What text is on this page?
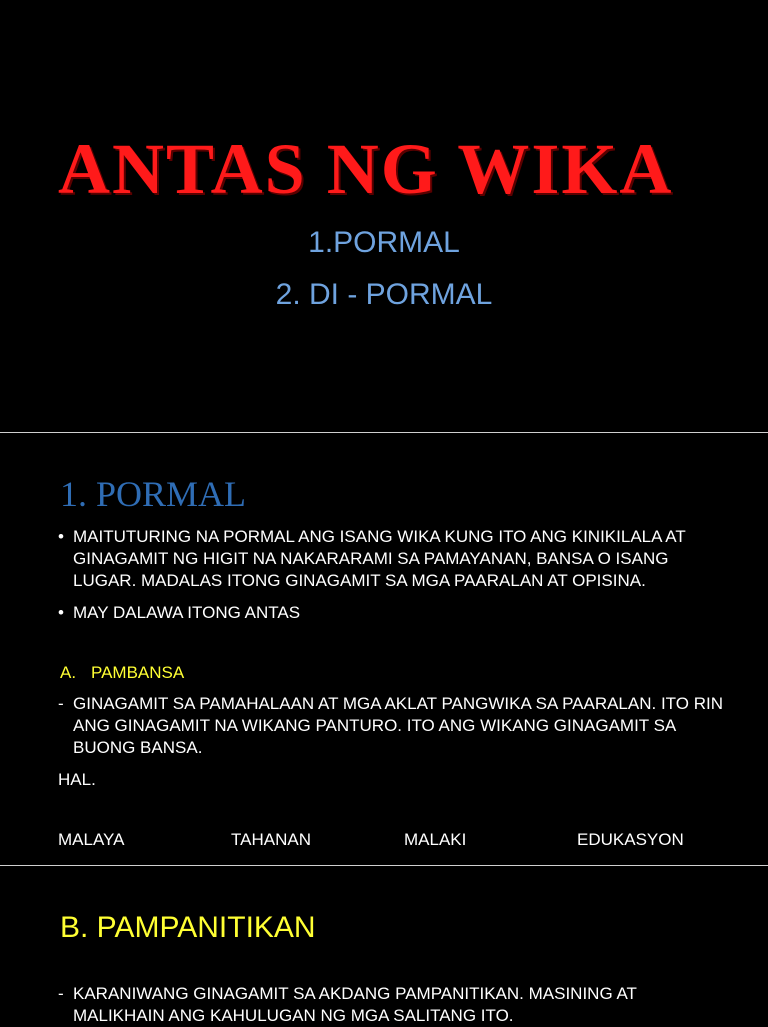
ANTAS NG WIKA
1.PORMAL
2. DI - PORMAL
1. PORMAL
• MAITUTURING NA PORMAL ANG ISANG WIKA KUNG ITO ANG KINIKILALA AT GINAGAMIT NG HIGIT NA NAKARARAMI SA PAMAYANAN, BANSA O ISANG LUGAR. MADALAS ITONG GINAGAMIT SA MGA PAARALAN AT OPISINA.
• MAY DALAWA ITONG ANTAS
A. PAMBANSA
- GINAGAMIT SA PAMAHALAAN AT MGA AKLAT PANGWIKA SA PAARALAN. ITO RIN ANG GINAGAMIT NA WIKANG PANTURO. ITO ANG WIKANG GINAGAMIT SA BUONG BANSA.
HAL.
MALAYA	TAHANAN	MALAKI	EDUKASYON
B. PAMPANITIKAN
- KARANIWANG GINAGAMIT SA AKDANG PAMPANITIKAN. MASINING AT MALIKHAIN ANG KAHULUGAN NG MGA SALITANG ITO.
